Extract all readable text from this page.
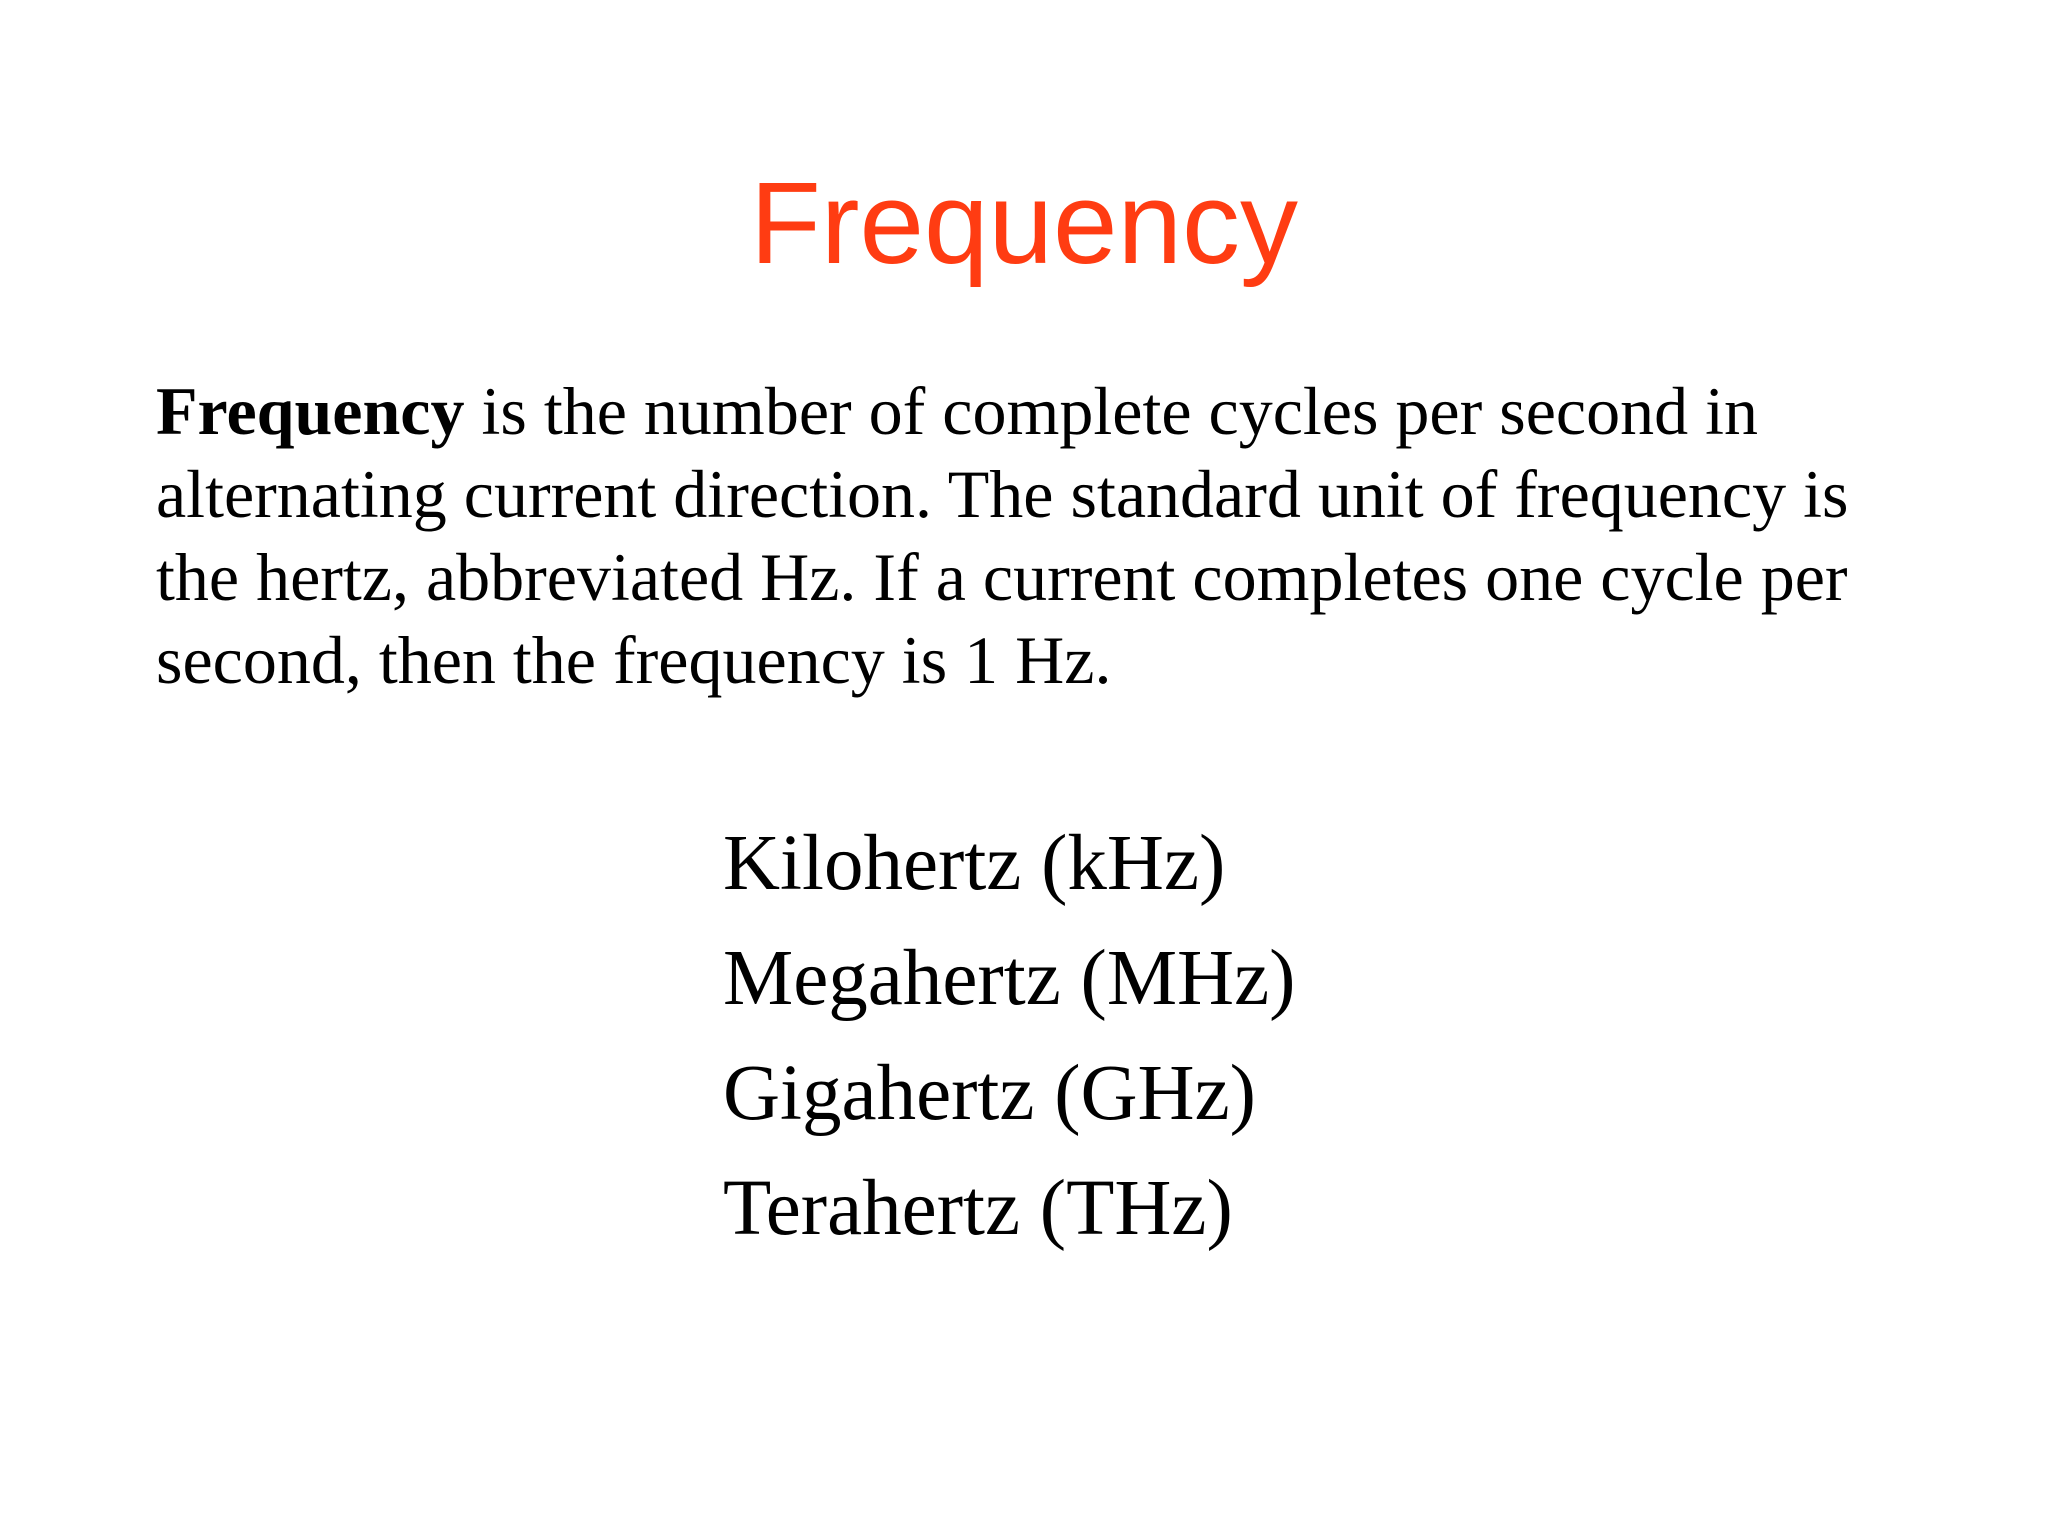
Frequency

Frequency is the number of complete cycles per second in alternating current direction. The standard unit of frequency is the hertz, abbreviated Hz. If a current completes one cycle per second, then the frequency is 1 Hz.

Kilohertz (kHz)
Megahertz (MHz)
Gigahertz (GHz)
Terahertz (THz)
